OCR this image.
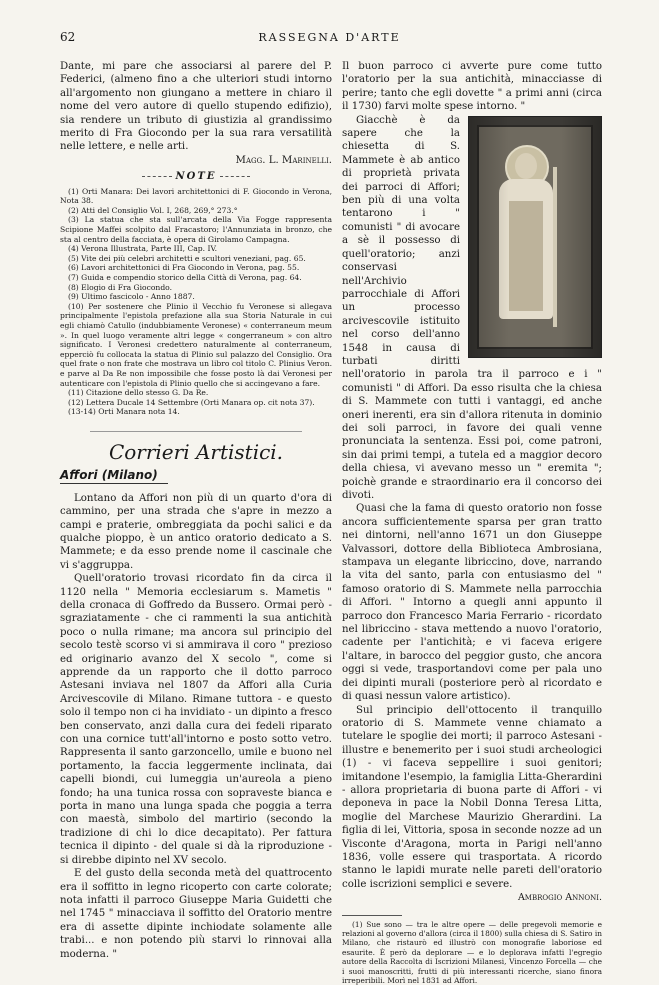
62	RASSEGNA D'ARTE

Dante, mi pare che associarsi al parere del P. Federici, (almeno fino a che ulteriori studi intorno all'argomento non giungano a mettere in chiaro il nome del vero autore di quello stupendo edifizio), sia rendere un tributo di giustizia al grandissimo merito di Fra Giocondo per la sua rara versatilità nelle lettere, e nelle arti.

Magg. L. Marinelli.
NOTE
(1) Orti Manara: Dei lavori architettonici di F. Giocondo in Verona, Nota 38.
(2) Atti del Consiglio Vol. I, 268, 269,° 273.°
(3) La statua che sta sull'arcata della Via Fogge rappresenta Scipione Maffei scolpito dal Fracastoro; l'Annunziata in bronzo, che sta al centro della facciata, è opera di Girolamo Campagna.
(4) Verona Illustrata, Parte III, Cap. IV.
(5) Vite dei più celebri architetti e scultori veneziani, pag. 65.
(6) Lavori architettonici di Fra Giocondo in Verona, pag. 55.
(7) Guida e compendio storico della Città di Verona, pag. 64.
(8) Elogio di Fra Giocondo.
(9) Ultimo fascicolo - Anno 1887.
(10) Per sostenere che Plinio il Vecchio fu Veronese si allegava principalmente l'epistola prefazione alla sua Storia Naturale in cui egli chiamò Catullo (indubbiamente Veronese) « conterraneum meum ». In quel luogo veramente altri legge « congerraneum » con altro significato. I Veronesi credettero naturalmente al conterraneum, epperciò fu collocata la statua di Plinio sul palazzo del Consiglio. Ora quel frate o non frate che mostrava un libro col titolo C. Plinius Veron. e parve al Da Re non impossibile che fosse posto là dai Veronesi per autenticare con l'epistola di Plinio quello che si accingevano a fare.
(11) Citazione dello stesso G. Da Re.
(12) Lettera Ducale 14 Settembre (Orti Manara op. cit nota 37).
(13-14) Orti Manara nota 14.
Corrieri Artistici.
Affori (Milano)

Lontano da Affori non più di un quarto d'ora di cammino, per una strada che s'apre in mezzo a campi e praterie, ombreggiata da pochi salici e da qualche pioppo, è un antico oratorio dedicato a S. Mammete; e da esso prende nome il cascinale che vi s'aggruppa.

Quell'oratorio trovasi ricordato fin da circa il 1120 nella " Memoria ecclesiarum s. Mametis " della cronaca di Goffredo da Bussero. Ormai però - sgraziatamente - che ci rammenti la sua antichità poco o nulla rimane; ma ancora sul principio del secolo testè scorso vi si ammirava il coro " prezioso ed originario avanzo del X secolo ", come si apprende da un rapporto che il dotto parroco Astesani inviava nel 1807 da Affori alla Curia Arcivescovile di Milano. Rimane tuttora - e questo solo il tempo non ci ha invidiato - un dipinto a fresco ben conservato, anzi dalla cura dei fedeli riparato con una cornice tutt'all'intorno e posto sotto vetro. Rappresenta il santo garzoncello, umile e buono nel portamento, la faccia leggermente inclinata, dai capelli biondi, cui lumeggia un'aureola a pieno fondo; ha una tunica rossa con sopraveste bianca e porta in mano una lunga spada che poggia a terra con maestà, simbolo del martirio (secondo la tradizione di chi lo dice decapitato). Per fattura tecnica il dipinto - del quale si dà la riproduzione - si direbbe dipinto nel XV secolo.

E del gusto della seconda metà del quattrocento era il soffitto in legno ricoperto con carte colorate; nota infatti il parroco Giuseppe Maria Guidetti che nel 1745 " minacciava il soffitto del Oratorio mentre era di assette dipinte inchiodate solamente alle trabi... e non potendo più starvi lo rinnovai alla moderna. "

Il buon parroco ci avverte pure come tutto l'oratorio per la sua antichità, minacciasse di perire; tanto che egli dovette " a primi anni (circa il 1730) farvi molte spese intorno. "

Giacchè è da sapere che la chiesetta di S. Mammete è ab antico di proprietà privata dei parroci di Affori; ben più di una volta tentarono i " comunisti " di avocare a sè il possesso di quell'oratorio; anzi conservasi nell'Archivio parrocchiale di Affori un processo arcivescovile istituito nel corso dell'anno 1548 in causa di turbati diritti nell'oratorio in parola tra il parroco e i " comunisti " di Affori. Da esso risulta che la chiesa di S. Mammete con tutti i vantaggi, ed anche oneri inerenti, era sin d'allora ritenuta in dominio dei soli parroci, in favore dei quali venne pronunciata la sentenza. Essi poi, come patroni, sin dai primi tempi, a tutela ed a maggior decoro della chiesa, vi avevano messo un " eremita "; poichè grande e straordinario era il concorso dei divoti.

Quasi che la fama di questo oratorio non fosse ancora sufficientemente sparsa per gran tratto nei dintorni, nell'anno 1671 un don Giuseppe Valvassori, dottore della Biblioteca Ambrosiana, stampava un elegante libriccino, dove, narrando la vita del santo, parla con entusiasmo del " famoso oratorio di S. Mammete nella parrocchia di Affori. " Intorno a quegli anni appunto il parroco don Francesco Maria Ferrario - ricordato nel libriccino - stava mettendo a nuovo l'oratorio, cadente per l'antichità; e vi faceva erigere l'altare, in barocco del peggior gusto, che ancora oggi si vede, trasportandovi come per pala uno dei dipinti murali (posteriore però al ricordato e di quasi nessun valore artistico).

Sul principio dell'ottocento il tranquillo oratorio di S. Mammete venne chiamato a tutelare le spoglie dei morti; il parroco Astesani - illustre e benemerito per i suoi studi archeologici (1) - vi faceva seppellire i suoi genitori; imitandone l'esempio, la famiglia Litta-Gherardini - allora proprietaria di buona parte di Affori - vi deponeva in pace la Nobil Donna Teresa Litta, moglie del Marchese Maurizio Gherardini. La figlia di lei, Vittoria, sposa in seconde nozze ad un Visconte d'Aragona, morta in Parigi nell'anno 1836, volle essere qui trasportata. A ricordo stanno le lapidi murate nelle pareti dell'oratorio colle iscrizioni semplici e severe.

Ambrogio Annoni.

(1) Sue sono — tra le altre opere — delle pregevoli memorie e relazioni al governo d'allora (circa il 1800) sulla chiesa di S. Satiro in Milano, che ristaurò ed illustrò con monografie laboriose ed esaurite. È però da deplorare — e lo deplorava infatti l'egregio autore della Raccolta di Iscrizioni Milanesi, Vincenzo Forcella — che i suoi manoscritti, frutti di più interessanti ricerche, siano finora irreperibili. Morì nel 1831 ad Affori.
